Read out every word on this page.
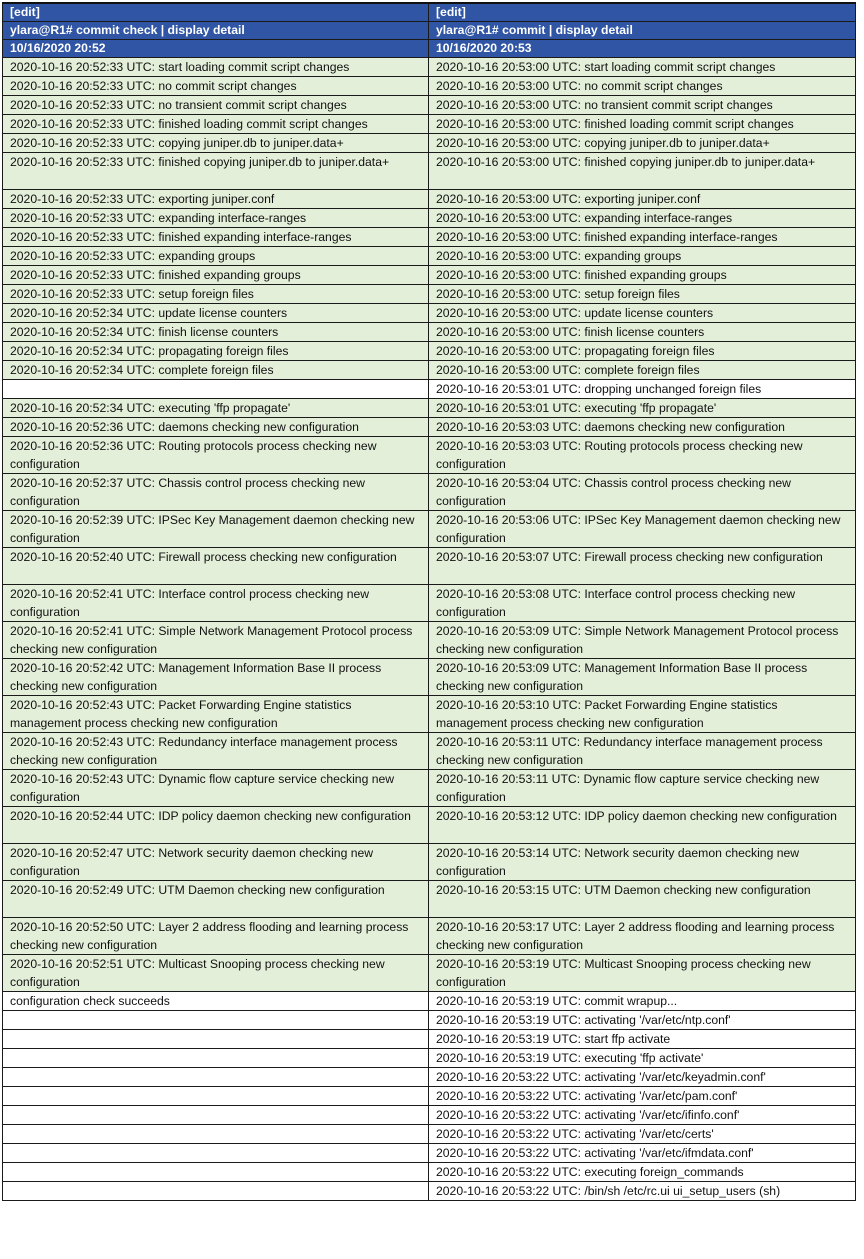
[edit]	[edit]
ylara@R1# commit check | display detail	ylara@R1# commit | display detail
10/16/2020 20:52	10/16/2020 20:53
2020-10-16 20:52:33 UTC: start loading commit script changes	2020-10-16 20:53:00 UTC: start loading commit script changes
2020-10-16 20:52:33 UTC: no commit script changes	2020-10-16 20:53:00 UTC: no commit script changes
2020-10-16 20:52:33 UTC: no transient commit script changes	2020-10-16 20:53:00 UTC: no transient commit script changes
2020-10-16 20:52:33 UTC: finished loading commit script changes	2020-10-16 20:53:00 UTC: finished loading commit script changes
2020-10-16 20:52:33 UTC: copying juniper.db to juniper.data+	2020-10-16 20:53:00 UTC: copying juniper.db to juniper.data+
2020-10-16 20:52:33 UTC: finished copying juniper.db to juniper.data+	2020-10-16 20:53:00 UTC: finished copying juniper.db to juniper.data+
2020-10-16 20:52:33 UTC: exporting juniper.conf	2020-10-16 20:53:00 UTC: exporting juniper.conf
2020-10-16 20:52:33 UTC: expanding interface-ranges	2020-10-16 20:53:00 UTC: expanding interface-ranges
2020-10-16 20:52:33 UTC: finished expanding interface-ranges	2020-10-16 20:53:00 UTC: finished expanding interface-ranges
2020-10-16 20:52:33 UTC: expanding groups	2020-10-16 20:53:00 UTC: expanding groups
2020-10-16 20:52:33 UTC: finished expanding groups	2020-10-16 20:53:00 UTC: finished expanding groups
2020-10-16 20:52:33 UTC: setup foreign files	2020-10-16 20:53:00 UTC: setup foreign files
2020-10-16 20:52:34 UTC: update license counters	2020-10-16 20:53:00 UTC: update license counters
2020-10-16 20:52:34 UTC: finish license counters	2020-10-16 20:53:00 UTC: finish license counters
2020-10-16 20:52:34 UTC: propagating foreign files	2020-10-16 20:53:00 UTC: propagating foreign files
2020-10-16 20:52:34 UTC: complete foreign files	2020-10-16 20:53:00 UTC: complete foreign files
	2020-10-16 20:53:01 UTC: dropping unchanged foreign files
2020-10-16 20:52:34 UTC: executing 'ffp propagate'	2020-10-16 20:53:01 UTC: executing 'ffp propagate'
2020-10-16 20:52:36 UTC: daemons checking new configuration	2020-10-16 20:53:03 UTC: daemons checking new configuration
2020-10-16 20:52:36 UTC: Routing protocols process checking new configuration	2020-10-16 20:53:03 UTC: Routing protocols process checking new configuration
2020-10-16 20:52:37 UTC: Chassis control process checking new configuration	2020-10-16 20:53:04 UTC: Chassis control process checking new configuration
2020-10-16 20:52:39 UTC: IPSec Key Management daemon checking new configuration	2020-10-16 20:53:06 UTC: IPSec Key Management daemon checking new configuration
2020-10-16 20:52:40 UTC: Firewall process checking new configuration	2020-10-16 20:53:07 UTC: Firewall process checking new configuration
2020-10-16 20:52:41 UTC: Interface control process checking new configuration	2020-10-16 20:53:08 UTC: Interface control process checking new configuration
2020-10-16 20:52:41 UTC: Simple Network Management Protocol process checking new configuration	2020-10-16 20:53:09 UTC: Simple Network Management Protocol process checking new configuration
2020-10-16 20:52:42 UTC: Management Information Base II process checking new configuration	2020-10-16 20:53:09 UTC: Management Information Base II process checking new configuration
2020-10-16 20:52:43 UTC: Packet Forwarding Engine statistics management process checking new configuration	2020-10-16 20:53:10 UTC: Packet Forwarding Engine statistics management process checking new configuration
2020-10-16 20:52:43 UTC: Redundancy interface management process checking new configuration	2020-10-16 20:53:11 UTC: Redundancy interface management process checking new configuration
2020-10-16 20:52:43 UTC: Dynamic flow capture service checking new configuration	2020-10-16 20:53:11 UTC: Dynamic flow capture service checking new configuration
2020-10-16 20:52:44 UTC: IDP policy daemon checking new configuration	2020-10-16 20:53:12 UTC: IDP policy daemon checking new configuration
2020-10-16 20:52:47 UTC: Network security daemon checking new configuration	2020-10-16 20:53:14 UTC: Network security daemon checking new configuration
2020-10-16 20:52:49 UTC: UTM Daemon checking new configuration	2020-10-16 20:53:15 UTC: UTM Daemon checking new configuration
2020-10-16 20:52:50 UTC: Layer 2 address flooding and learning process checking new configuration	2020-10-16 20:53:17 UTC: Layer 2 address flooding and learning process checking new configuration
2020-10-16 20:52:51 UTC: Multicast Snooping process checking new configuration	2020-10-16 20:53:19 UTC: Multicast Snooping process checking new configuration
configuration check succeeds	2020-10-16 20:53:19 UTC: commit wrapup...
	2020-10-16 20:53:19 UTC: activating '/var/etc/ntp.conf'
	2020-10-16 20:53:19 UTC: start ffp activate
	2020-10-16 20:53:19 UTC: executing 'ffp activate'
	2020-10-16 20:53:22 UTC: activating '/var/etc/keyadmin.conf'
	2020-10-16 20:53:22 UTC: activating '/var/etc/pam.conf'
	2020-10-16 20:53:22 UTC: activating '/var/etc/ifinfo.conf'
	2020-10-16 20:53:22 UTC: activating '/var/etc/certs'
	2020-10-16 20:53:22 UTC: activating '/var/etc/ifmdata.conf'
	2020-10-16 20:53:22 UTC: executing foreign_commands
	2020-10-16 20:53:22 UTC: /bin/sh /etc/rc.ui ui_setup_users (sh)
